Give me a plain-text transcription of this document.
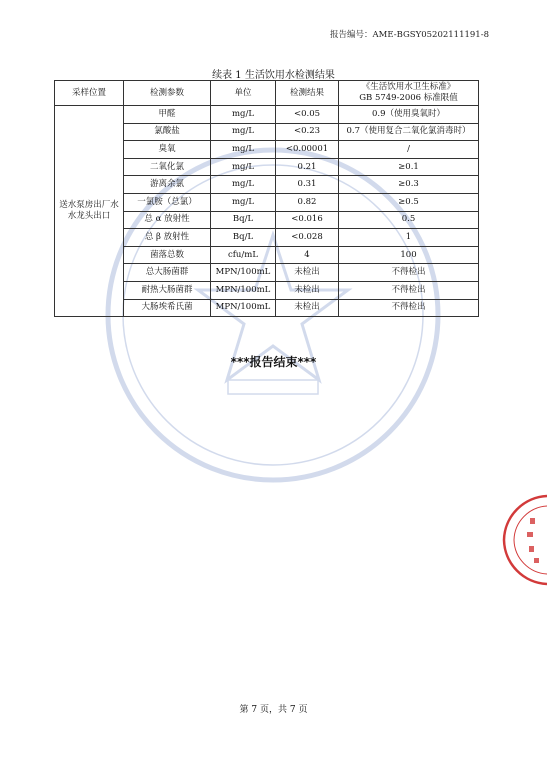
报告编号：AME-BGSY05202111191-8
续表 1 生活饮用水检测结果
采样位置	检测参数	单位	检测结果	《生活饮用水卫生标准》
GB 5749-2006 标准限值

送水泵房出厂水水龙头出口	甲醛	mg/L	<0.05	0.9（使用臭氧时）
	氯酸盐	mg/L	<0.23	0.7（使用复合二氧化氯消毒时）
	臭氧	mg/L	<0.00001	/
	二氧化氯	mg/L	0.21	≥0.1
	游离余氯	mg/L	0.31	≥0.3
	一氯胺（总氯）	mg/L	0.82	≥0.5
	总 α 放射性	Bq/L	<0.016	0.5
	总 β 放射性	Bq/L	<0.028	1
	菌落总数	cfu/mL	4	100
	总大肠菌群	MPN/100mL	未检出	不得检出
	耐热大肠菌群	MPN/100mL	未检出	不得检出
	大肠埃希氏菌	MPN/100mL	未检出	不得检出
***报告结束***
第 7 页，共 7 页
